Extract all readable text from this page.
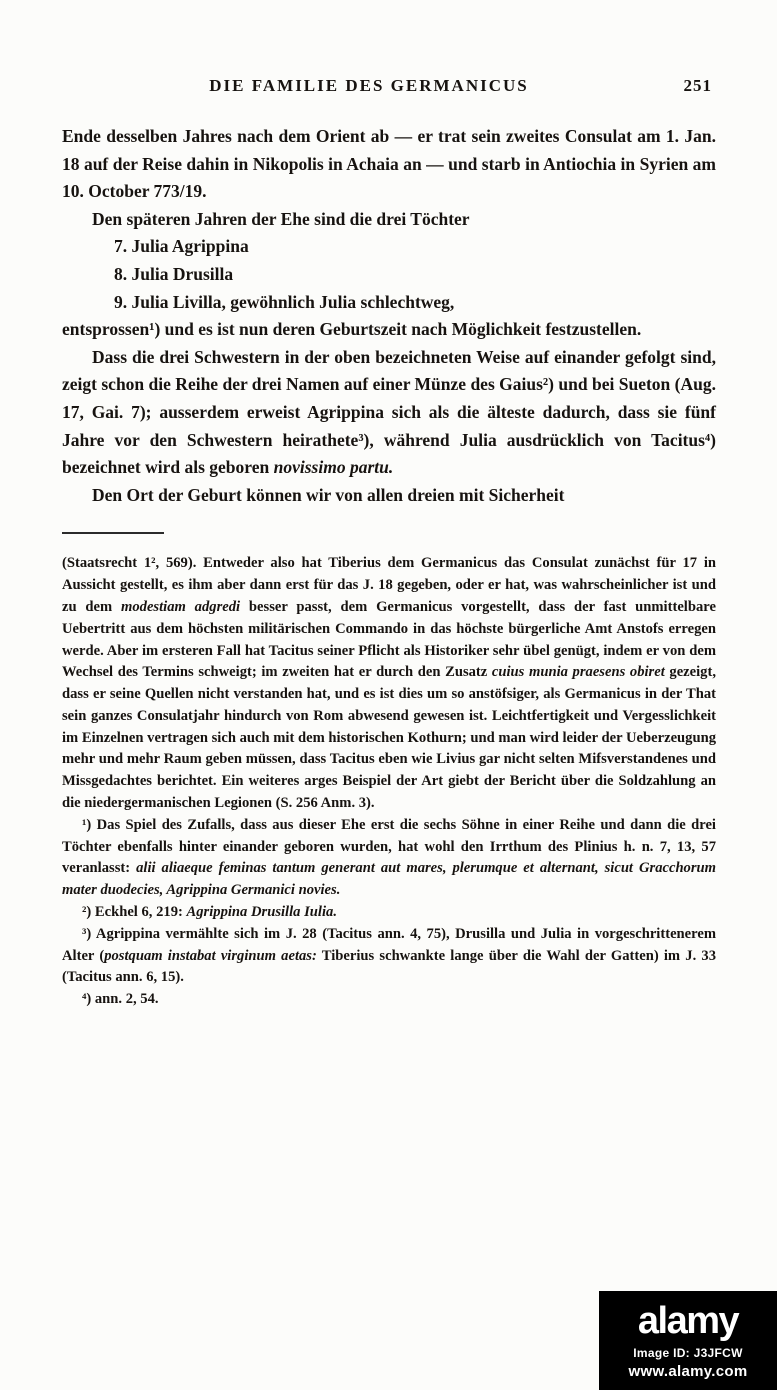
DIE FAMILIE DES GERMANICUS	251

Ende desselben Jahres nach dem Orient ab — er trat sein zweites Consulat am 1. Jan. 18 auf der Reise dahin in Nikopolis in Achaia an — und starb in Antiochia in Syrien am 10. October 773/19.

Den späteren Jahren der Ehe sind die drei Töchter

7. Julia Agrippina
8. Julia Drusilla
9. Julia Livilla, gewöhnlich Julia schlechtweg,

entsprossen¹) und es ist nun deren Geburtszeit nach Möglichkeit festzustellen.

Dass die drei Schwestern in der oben bezeichneten Weise auf einander gefolgt sind, zeigt schon die Reihe der drei Namen auf einer Münze des Gaius²) und bei Sueton (Aug. 17, Gai. 7); ausserdem erweist Agrippina sich als die älteste dadurch, dass sie fünf Jahre vor den Schwestern heirathete³), während Julia ausdrücklich von Tacitus⁴) bezeichnet wird als geboren novissimo partu.

Den Ort der Geburt können wir von allen dreien mit Sicherheit

(Staatsrecht 1², 569). Entweder also hat Tiberius dem Germanicus das Consulat zunächst für 17 in Aussicht gestellt, es ihm aber dann erst für das J. 18 gegeben, oder er hat, was wahrscheinlicher ist und zu dem modestiam adgredi besser passt, dem Germanicus vorgestellt, dass der fast unmittelbare Uebertritt aus dem höchsten militärischen Commando in das höchste bürgerliche Amt Anstofs erregen werde. Aber im ersteren Fall hat Tacitus seiner Pflicht als Historiker sehr übel genügt, indem er von dem Wechsel des Termins schweigt; im zweiten hat er durch den Zusatz cuius munia praesens obiret gezeigt, dass er seine Quellen nicht verstanden hat, und es ist dies um so anstöfsiger, als Germanicus in der That sein ganzes Consulatjahr hindurch von Rom abwesend gewesen ist. Leichtfertigkeit und Vergesslichkeit im Einzelnen vertragen sich auch mit dem historischen Kothurn; und man wird leider der Ueberzeugung mehr und mehr Raum geben müssen, dass Tacitus eben wie Livius gar nicht selten Mifsverstandenes und Missgedachtes berichtet. Ein weiteres arges Beispiel der Art giebt der Bericht über die Soldzahlung an die niedergermanischen Legionen (S. 256 Anm. 3).

¹) Das Spiel des Zufalls, dass aus dieser Ehe erst die sechs Söhne in einer Reihe und dann die drei Töchter ebenfalls hinter einander geboren wurden, hat wohl den Irrthum des Plinius h. n. 7, 13, 57 veranlasst: alii aliaeque feminas tantum generant aut mares, plerumque et alternant, sicut Gracchorum mater duodecies, Agrippina Germanici novies.

²) Eckhel 6, 219: Agrippina Drusilla Iulia.

³) Agrippina vermählte sich im J. 28 (Tacitus ann. 4, 75), Drusilla und Julia in vorgeschrittenerem Alter (postquam instabat virginum aetas: Tiberius schwankte lange über die Wahl der Gatten) im J. 33 (Tacitus ann. 6, 15).

⁴) ann. 2, 54.

alamy
Image ID: J3JFCW
www.alamy.com
